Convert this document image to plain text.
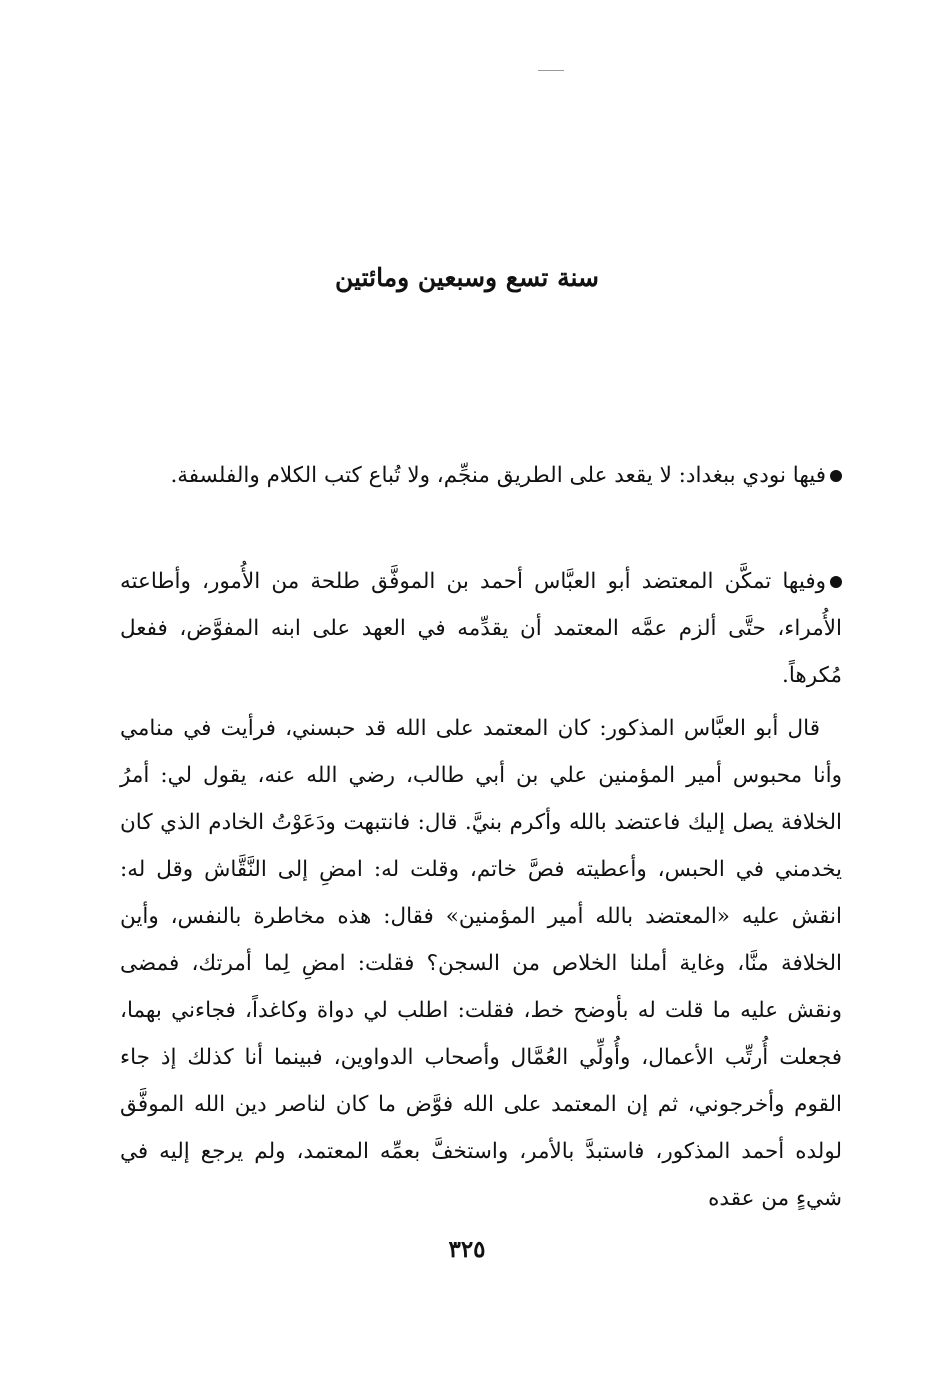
سنة تسع وسبعين ومائتين

فيها نودي ببغداد: لا يقعد على الطريق منجِّم، ولا تُباع كتب الكلام والفلسفة.

وفيها تمكَّن المعتضد أبو العبَّاس أحمد بن الموفَّق طلحة من الأُمور، وأطاعته الأُمراء، حتَّى ألزم عمَّه المعتمد أن يقدِّمه في العهد على ابنه المفوَّض، ففعل مُكرهاً.

قال أبو العبَّاس المذكور: كان المعتمد على الله قد حبسني، فرأيت في منامي وأنا محبوس أمير المؤمنين علي بن أبي طالب، رضي الله عنه، يقول لي: أمرُ الخلافة يصل إليك فاعتضد بالله وأكرم بنيَّ. قال: فانتبهت ودَعَوْتُ الخادم الذي كان يخدمني في الحبس، وأعطيته فصَّ خاتم، وقلت له: امضِ إلى النَّقَّاش وقل له: انقش عليه «المعتضد بالله أمير المؤمنين» فقال: هذه مخاطرة بالنفس، وأين الخلافة منَّا، وغاية أملنا الخلاص من السجن؟ فقلت: امضِ لِما أمرتك، فمضى ونقش عليه ما قلت له بأوضح خط، فقلت: اطلب لي دواة وكاغداً، فجاءني بهما، فجعلت أُرتِّب الأعمال، وأُولِّي العُمَّال وأصحاب الدواوين، فبينما أنا كذلك إذ جاء القوم وأخرجوني، ثم إن المعتمد على الله فوَّض ما كان لناصر دين الله الموفَّق لولده أحمد المذكور، فاستبدَّ بالأمر، واستخفَّ بعمِّه المعتمد، ولم يرجع إليه في شيءٍ من عقده

٣٢٥
